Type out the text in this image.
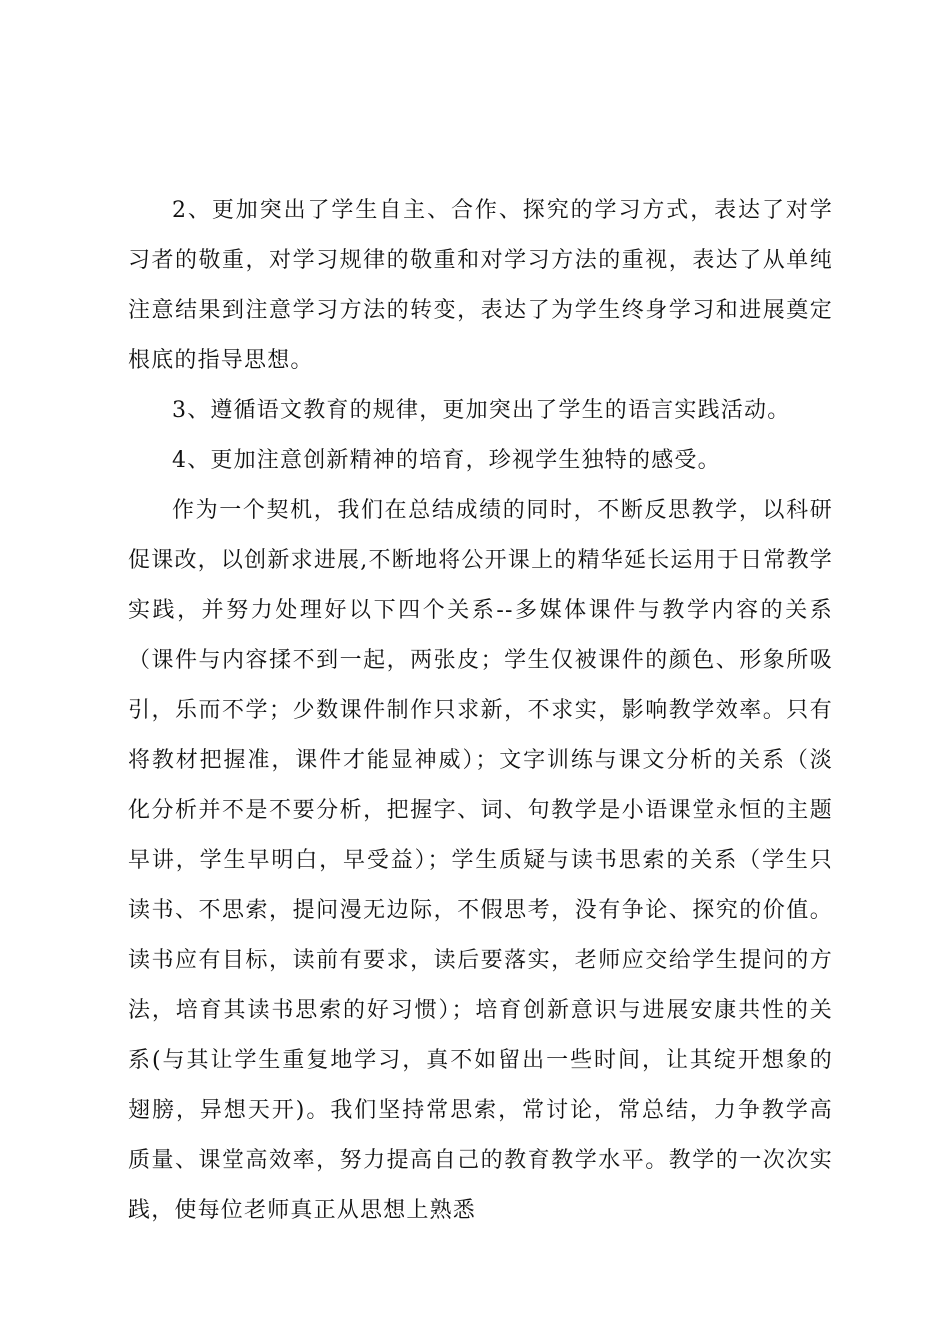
2、更加突出了学生自主、合作、探究的学习方式，表达了对学习者的敬重，对学习规律的敬重和对学习方法的重视，表达了从单纯注意结果到注意学习方法的转变，表达了为学生终身学习和进展奠定根底的指导思想。

3、遵循语文教育的规律，更加突出了学生的语言实践活动。

4、更加注意创新精神的培育，珍视学生独特的感受。

作为一个契机，我们在总结成绩的同时，不断反思教学，以科研促课改，以创新求进展,不断地将公开课上的精华延长运用于日常教学实践，并努力处理好以下四个关系--多媒体课件与教学内容的关系（课件与内容揉不到一起，两张皮；学生仅被课件的颜色、形象所吸引，乐而不学；少数课件制作只求新，不求实，影响教学效率。只有将教材把握准，课件才能显神威）；文字训练与课文分析的关系（淡化分析并不是不要分析，把握字、词、句教学是小语课堂永恒的主题早讲，学生早明白，早受益）；学生质疑与读书思索的关系（学生只读书、不思索，提问漫无边际，不假思考，没有争论、探究的价值。读书应有目标，读前有要求，读后要落实，老师应交给学生提问的方法，培育其读书思索的好习惯）；培育创新意识与进展安康共性的关系(与其让学生重复地学习，真不如留出一些时间，让其绽开想象的翅膀，异想天开)。我们坚持常思索，常讨论，常总结，力争教学高质量、课堂高效率，努力提高自己的教育教学水平。教学的一次次实践，使每位老师真正从思想上熟悉
